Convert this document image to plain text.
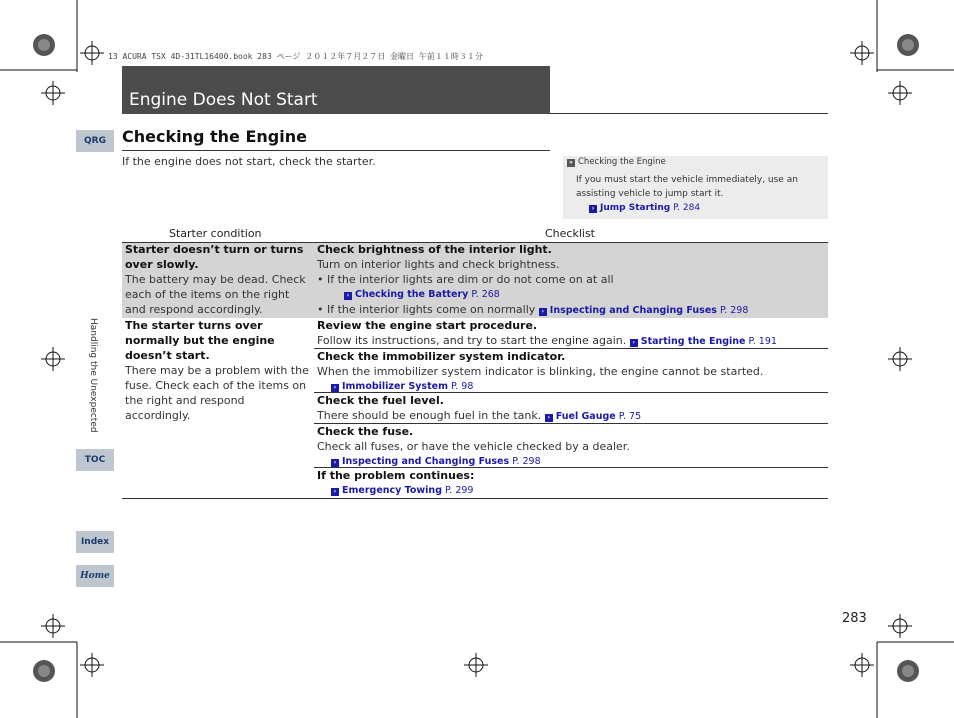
13 ACURA TSX 4D-31TL16400.book 283 ページ ２０１２年７月２７日 金曜日 午前１１時３１分
Engine Does Not Start
Checking the Engine
If the engine does not start, check the starter.	» Checking the Engine
If you must start the vehicle immediately, use an assisting vehicle to jump start it.
› Jump Starting P. 284
Starter condition	Checklist
Starter doesn’t turn or turns over slowly.
The battery may be dead. Check each of the items on the right and respond accordingly.
Check brightness of the interior light.
Turn on interior lights and check brightness.
• If the interior lights are dim or do not come on at all
› Checking the Battery P. 268
• If the interior lights come on normally › Inspecting and Changing Fuses P. 298
The starter turns over normally but the engine doesn’t start.
There may be a problem with the fuse. Check each of the items on the right and respond accordingly.
Review the engine start procedure.
Follow its instructions, and try to start the engine again. › Starting the Engine P. 191
Check the immobilizer system indicator.
When the immobilizer system indicator is blinking, the engine cannot be started.
› Immobilizer System P. 98
Check the fuel level.
There should be enough fuel in the tank. › Fuel Gauge P. 75
Check the fuse.
Check all fuses, or have the vehicle checked by a dealer.
› Inspecting and Changing Fuses P. 298
If the problem continues:
› Emergency Towing P. 299
QRG
Handling the Unexpected
TOC
Index
Home
283
